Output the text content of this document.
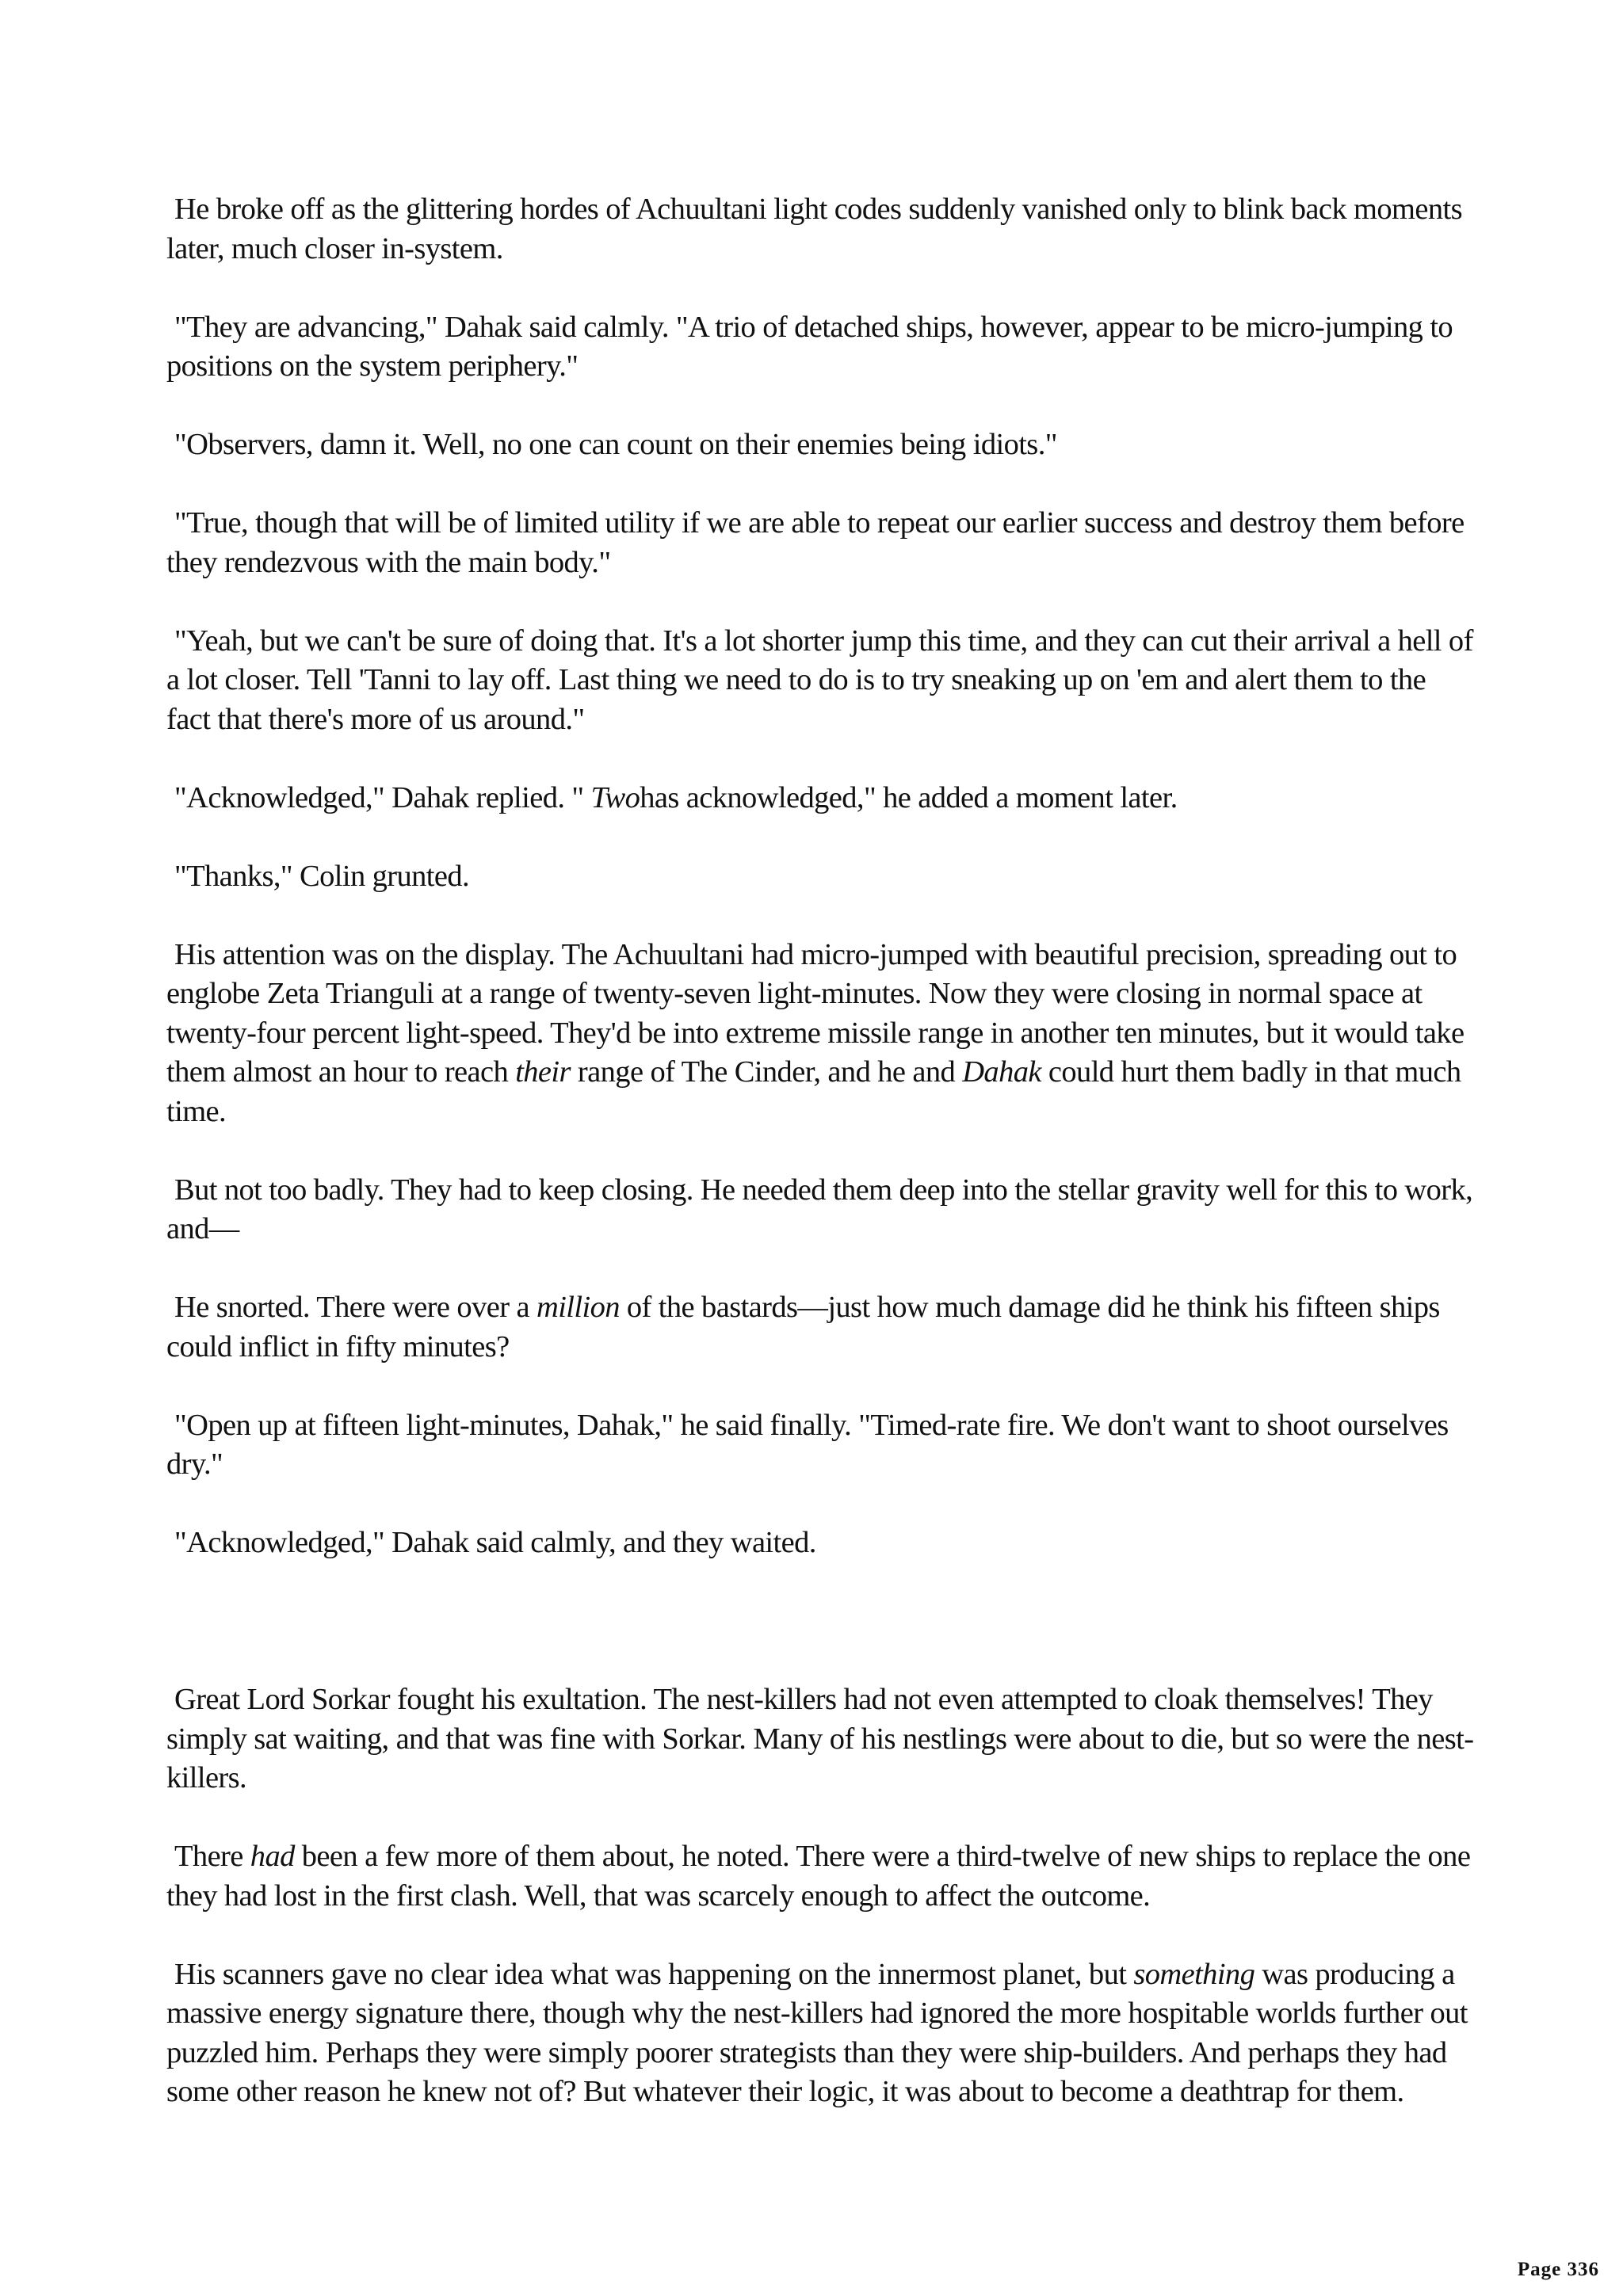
He broke off as the glittering hordes of Achuultani light codes suddenly vanished only to blink back moments later, much closer in-system.

"They are advancing," Dahak said calmly. "A trio of detached ships, however, appear to be micro-jumping to positions on the system periphery."

"Observers, damn it. Well, no one can count on their enemies being idiots."

"True, though that will be of limited utility if we are able to repeat our earlier success and destroy them before they rendezvous with the main body."

"Yeah, but we can't be sure of doing that. It's a lot shorter jump this time, and they can cut their arrival a hell of a lot closer. Tell 'Tanni to lay off. Last thing we need to do is to try sneaking up on 'em and alert them to the fact that there's more of us around."

"Acknowledged," Dahak replied. " Twohas acknowledged," he added a moment later.

"Thanks," Colin grunted.

His attention was on the display. The Achuultani had micro-jumped with beautiful precision, spreading out to englobe Zeta Trianguli at a range of twenty-seven light-minutes. Now they were closing in normal space at twenty-four percent light-speed. They'd be into extreme missile range in another ten minutes, but it would take them almost an hour to reach their range of The Cinder, and he and Dahak could hurt them badly in that much time.

But not too badly. They had to keep closing. He needed them deep into the stellar gravity well for this to work, and—

He snorted. There were over a million of the bastards—just how much damage did he think his fifteen ships could inflict in fifty minutes?

"Open up at fifteen light-minutes, Dahak," he said finally. "Timed-rate fire. We don't want to shoot ourselves dry."

"Acknowledged," Dahak said calmly, and they waited.

Great Lord Sorkar fought his exultation. The nest-killers had not even attempted to cloak themselves! They simply sat waiting, and that was fine with Sorkar. Many of his nestlings were about to die, but so were the nest-killers.

There had been a few more of them about, he noted. There were a third-twelve of new ships to replace the one they had lost in the first clash. Well, that was scarcely enough to affect the outcome.

His scanners gave no clear idea what was happening on the innermost planet, but something was producing a massive energy signature there, though why the nest-killers had ignored the more hospitable worlds further out puzzled him. Perhaps they were simply poorer strategists than they were ship-builders. And perhaps they had some other reason he knew not of? But whatever their logic, it was about to become a deathtrap for them.

Page 336
